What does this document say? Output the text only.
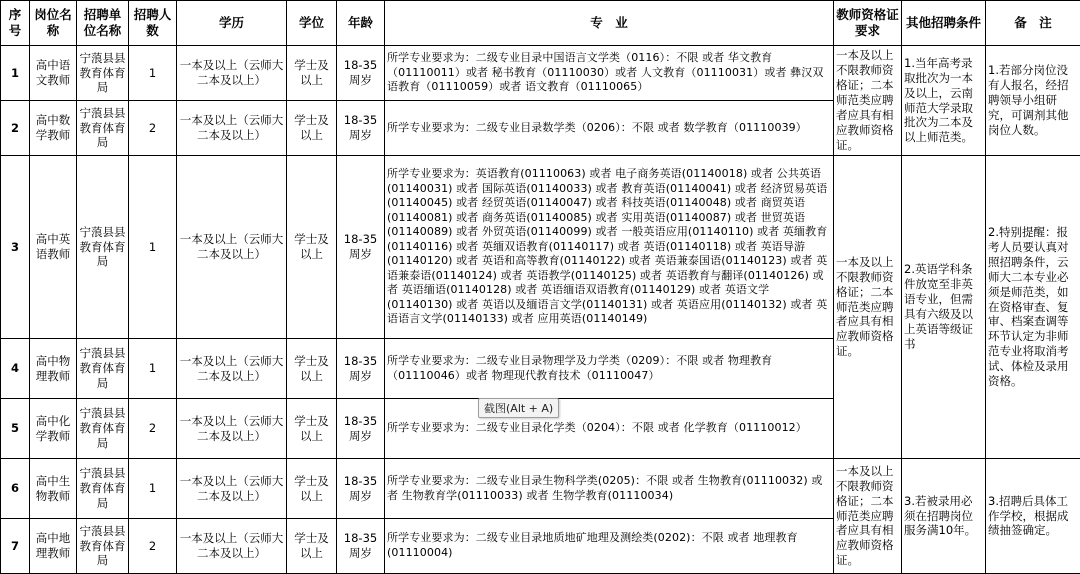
序号	岗位名称	招聘单位名称	招聘人数	学历	学位	年龄	专　业	教师资格证要求	其他招聘条件	备　注
1	高中语文教师	宁蒗县县教育体育局	1	一本及以上（云师大二本及以上）	学士及以上	18-35周岁	所学专业要求为：二级专业目录中国语言文学类（0116）：不限 或者 华文教育（01110011）或者 秘书教育（01110030）或者 人文教育（01110031）或者 彝汉双语教育（01110059）或者 语文教育（01110065）	一本及以上不限教师资格证；二本师范类应聘者应具有相应教师资格证。	1.当年高考录取批次为一本及以上，云南师范大学录取批次为二本及以上师范类。	1.若部分岗位没有人报名，经招聘领导小组研究，可调剂其他岗位人数。
2	高中数学教师	宁蒗县县教育体育局	2	一本及以上（云师大二本及以上）	学士及以上	18-35周岁	所学专业要求为：二级专业目录数学类（0206）：不限 或者 数学教育（01110039）			
3	高中英语教师	宁蒗县县教育体育局	1	一本及以上（云师大二本及以上）	学士及以上	18-35周岁	所学专业要求为：英语教育(01110063) 或者 电子商务英语(01140018) 或者 公共英语(01140031) 或者 国际英语(01140033) 或者 教育英语(01140041) 或者 经济贸易英语(01140045) 或者 经贸英语(01140047) 或者 科技英语(01140048) 或者 商贸英语(01140081) 或者 商务英语(01140085) 或者 实用英语(01140087) 或者 世贸英语(01140089) 或者 外贸英语(01140099) 或者 一般英语应用(01140110) 或者 英缅教育(01140116) 或者 英缅双语教育(01140117) 或者 英语(01140118) 或者 英语导游(01140120) 或者 英语和高等教育(01140122) 或者 英语兼泰国语(01140123) 或者 英语兼泰语(01140124) 或者 英语教学(01140125) 或者 英语教育与翻译(01140126) 或者 英语缅语(01140128) 或者 英语缅语双语教育(01140129) 或者 英语文学(01140130) 或者 英语以及缅语言文学(01140131) 或者 英语应用(01140132) 或者 英语语言文学(01140133) 或者 应用英语(01140149)	一本及以上不限教师资格证；二本师范类应聘者应具有相应教师资格证。	2.英语学科条件放宽至非英语专业，但需具有六级及以上英语等级证书	2.特别提醒：报考人员要认真对照招聘条件，云师大二本专业必须是师范类，如在资格审查、复审、档案查调等环节认定为非师范专业将取消考试、体检及录用资格。
4	高中物理教师	宁蒗县县教育体育局	1	一本及以上（云师大二本及以上）	学士及以上	18-35周岁	所学专业要求为：二级专业目录物理学及力学类（0209）：不限 或者 物理教育（01110046）或者 物理现代教育技术（01110047）			
5	高中化学教师	宁蒗县县教育体育局	2	一本及以上（云师大二本及以上）	学士及以上	18-35周岁	所学专业要求为：二级专业目录化学类（0204）：不限 或者 化学教育（01110012）			
6	高中生物教师	宁蒗县县教育体育局	1	一本及以上（云师大二本及以上）	学士及以上	18-35周岁	所学专业要求为：二级专业目录生物科学类(0205)：不限 或者 生物教育(01110032) 或者 生物教育学(01110033) 或者 生物学教育(01110034)	一本及以上不限教师资格证；二本师范类应聘者应具有相应教师资格证。	3.若被录用必须在招聘岗位服务满10年。	3.招聘后具体工作学校，根据成绩抽签确定。
7	高中地理教师	宁蒗县县教育体育局	2	一本及以上（云师大二本及以上）	学士及以上	18-35周岁	所学专业要求为：二级专业目录地质地矿地理及测绘类(0202)：不限 或者 地理教育(01110004)			
截图(Alt + A)
